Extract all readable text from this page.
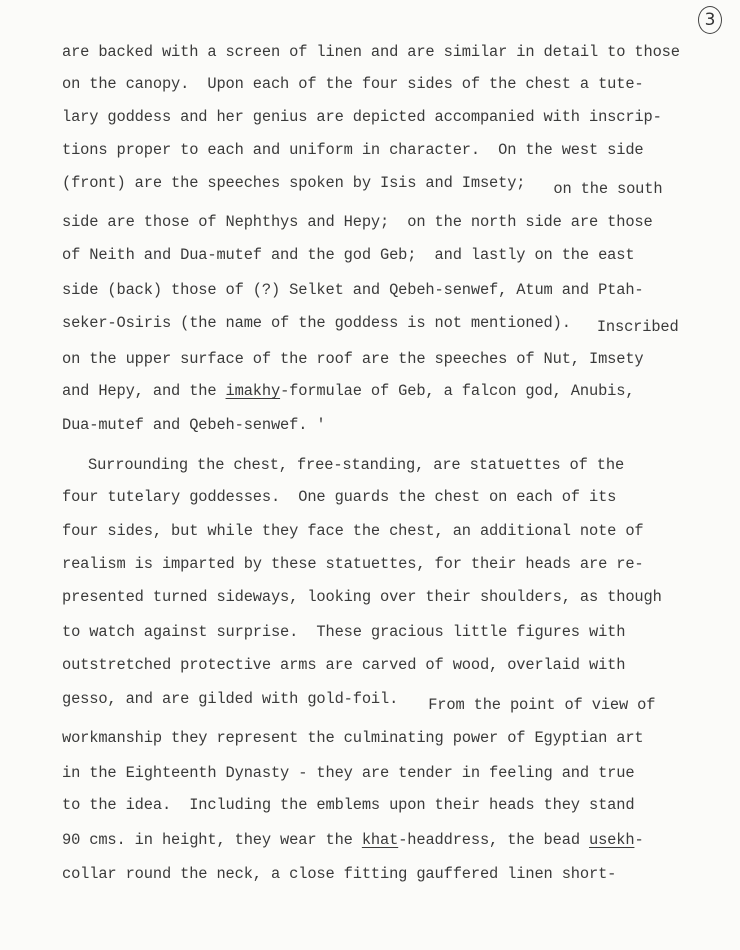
3
are backed with a screen of linen and are similar in detail to those
on the canopy.  Upon each of the four sides of the chest a tute-
lary goddess and her genius are depicted accompanied with inscrip-
tions proper to each and uniform in character.  On the west side
(front) are the speeches spoken by Isis and Imsety; on the south
side are those of Nephthys and Hepy;  on the north side are those
of Neith and Dua-mutef and the god Geb;  and lastly on the east
side (back) those of (?) Selket and Qebeh-senwef, Atum and Ptah-
seker-Osiris (the name of the goddess is not mentioned). Inscribed
on the upper surface of the roof are the speeches of Nut, Imsety
and Hepy, and the imakhy-formulae of Geb, a falcon god, Anubis,
Dua-mutef and Qebeh-senwef. '
Surrounding the chest, free-standing, are statuettes of the
four tutelary goddesses.  One guards the chest on each of its
four sides, but while they face the chest, an additional note of
realism is imparted by these statuettes, for their heads are re-
presented turned sideways, looking over their shoulders, as though
to watch against surprise.  These gracious little figures with
outstretched protective arms are carved of wood, overlaid with
gesso, and are gilded with gold-foil. From the point of view of
workmanship they represent the culminating power of Egyptian art
in the Eighteenth Dynasty - they are tender in feeling and true
to the idea.  Including the emblems upon their heads they stand
90 cms. in height, they wear the khat-headdress, the bead usekh-
collar round the neck, a close fitting gauffered linen short-
